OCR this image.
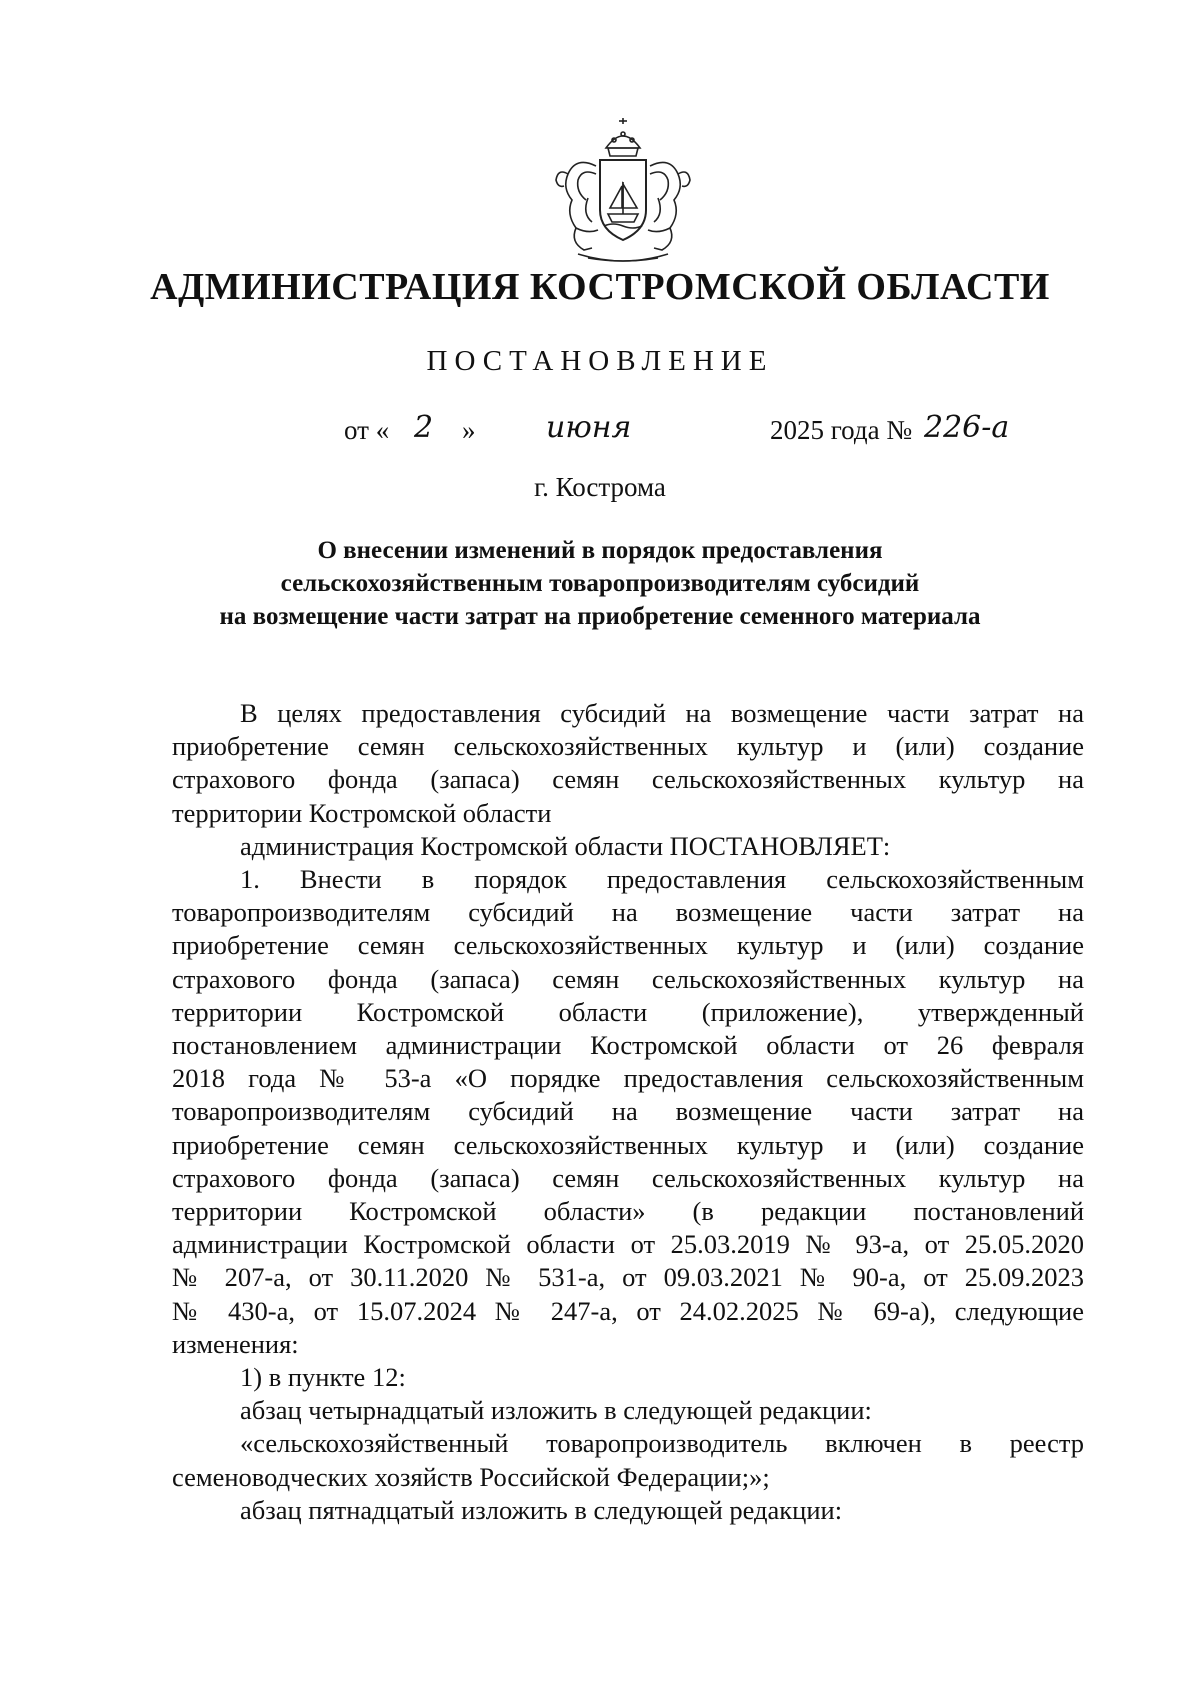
АДМИНИСТРАЦИЯ КОСТРОМСКОЙ ОБЛАСТИ
ПОСТАНОВЛЕНИЕ
от « 2 » июня	2025 года № 226-а
г. Кострома
О внесении изменений в порядок предоставления
сельскохозяйственным товаропроизводителям субсидий
на возмещение части затрат на приобретение семенного материала

В целях предоставления субсидий на возмещение части затрат на

приобретение семян сельскохозяйственных культур и (или) создание

страхового фонда (запаса) семян сельскохозяйственных культур на

территории Костромской области

администрация Костромской области ПОСТАНОВЛЯЕТ:

1. Внести в порядок предоставления сельскохозяйственным

товаропроизводителям субсидий на возмещение части затрат на

приобретение семян сельскохозяйственных культур и (или) создание

страхового фонда (запаса) семян сельскохозяйственных культур на

территории Костромской области (приложение), утвержденный

постановлением администрации Костромской области от 26 февраля

2018 года № 53-а «О порядке предоставления сельскохозяйственным

товаропроизводителям субсидий на возмещение части затрат на

приобретение семян сельскохозяйственных культур и (или) создание

страхового фонда (запаса) семян сельскохозяйственных культур на

территории Костромской области» (в редакции постановлений

администрации Костромской области от 25.03.2019 № 93-а, от 25.05.2020

№ 207-а, от 30.11.2020 № 531-а, от 09.03.2021 № 90-а, от 25.09.2023

№ 430-а, от 15.07.2024 № 247-а, от 24.02.2025 № 69-а), следующие

изменения:

1) в пункте 12:

абзац четырнадцатый изложить в следующей редакции:

«сельскохозяйственный товаропроизводитель включен в реестр

семеноводческих хозяйств Российской Федерации;»;

абзац пятнадцатый изложить в следующей редакции:
